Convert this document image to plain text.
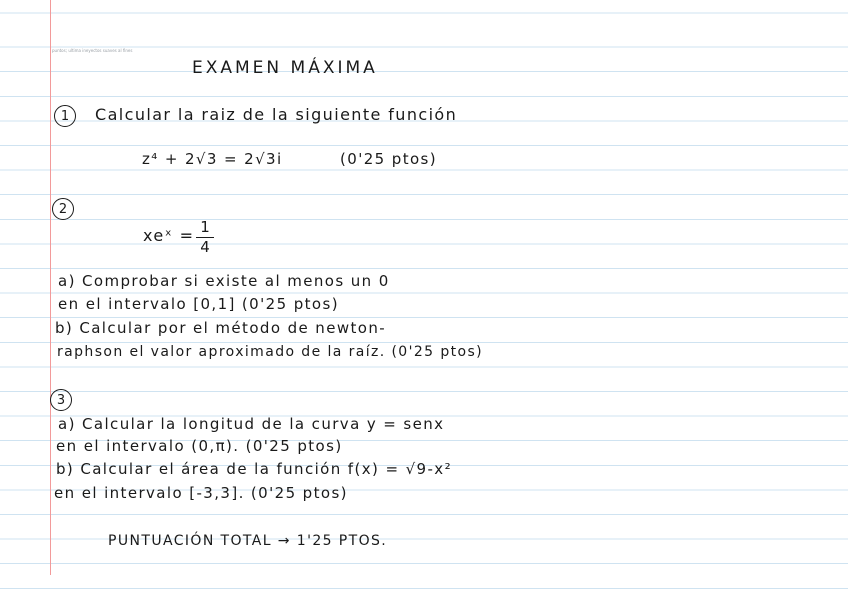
puntos; ultima ineyectos suaves al fines
EXAMEN MÁXIMA
1	Calcular la raiz de la siguiente función
z⁴ + 2√3 = 2√3i	(0'25 ptos)
2
xeˣ = 1
4
a) Comprobar si existe al menos un 0
en el intervalo [0,1] (0'25 ptos)
b) Calcular por el método de newton-
raphson el valor aproximado de la raíz. (0'25 ptos)
3
a) Calcular la longitud de la curva y = senx
en el intervalo (0,π). (0'25 ptos)
b) Calcular el área de la función f(x) = √9-x²
en el intervalo [-3,3]. (0'25 ptos)
PUNTUACIÓN TOTAL → 1'25 PTOS.
